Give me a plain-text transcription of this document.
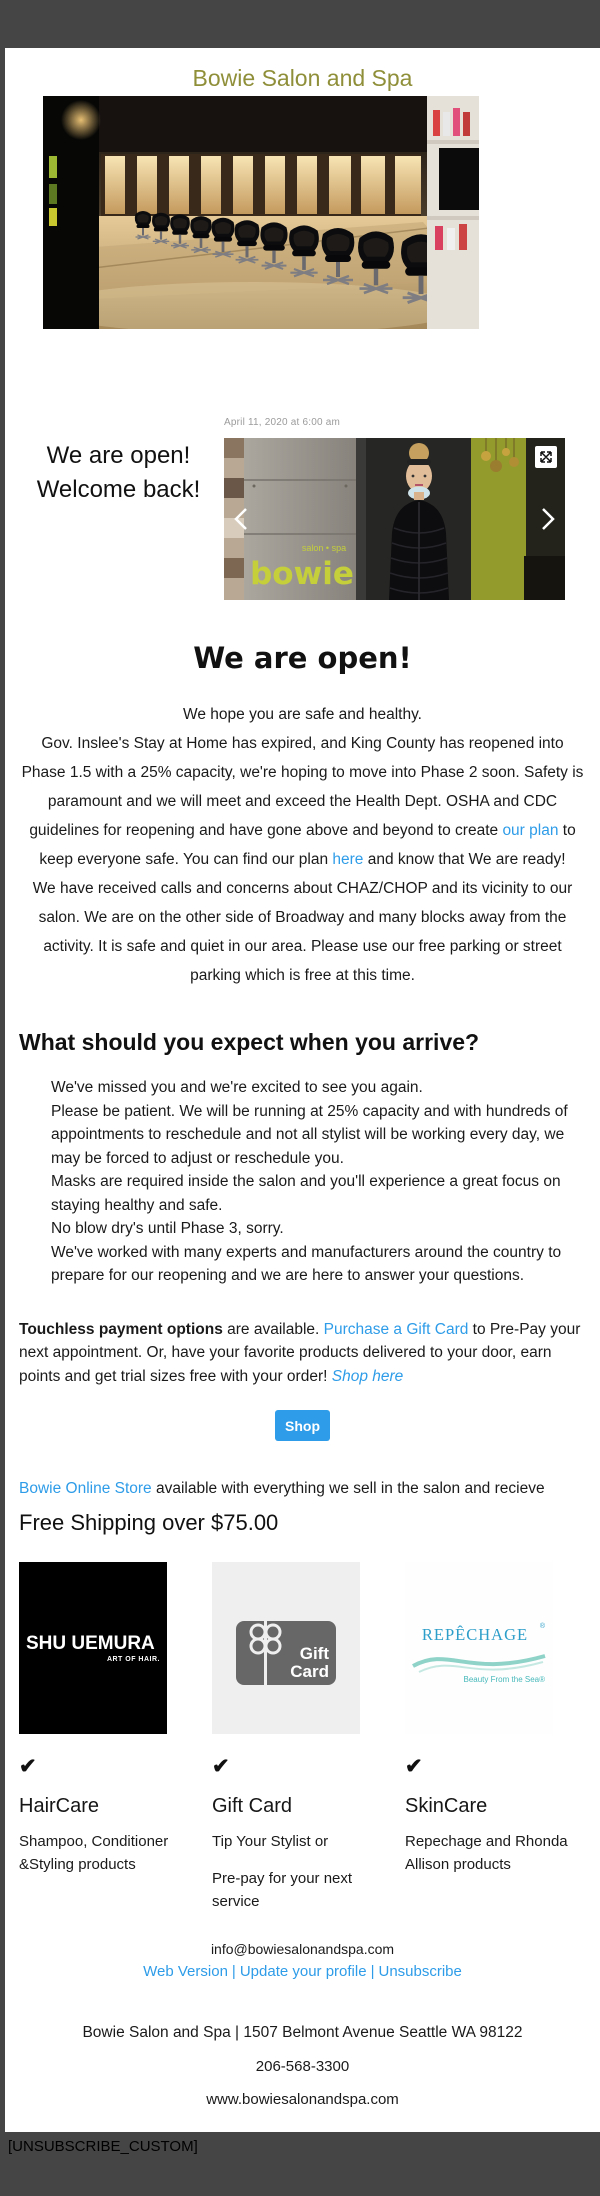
Bowie Salon and Spa
We are open!
Welcome back!
April 11, 2020 at 6:00 am
salon • spa
bowie
We are open!

We hope you are safe and healthy.
Gov. Inslee's Stay at Home has expired, and King County has reopened into Phase 1.5 with a 25% capacity, we're hoping to move into Phase 2 soon. Safety is paramount and we will meet and exceed the Health Dept. OSHA and CDC guidelines for reopening and have gone above and beyond to create our plan to keep everyone safe. You can find our plan here and know that We are ready!
We have received calls and concerns about CHAZ/CHOP and its vicinity to our salon. We are on the other side of Broadway and many blocks away from the activity. It is safe and quiet in our area. Please use our free parking or street parking which is free at this time.

What should you expect when you arrive?
We've missed you and we're excited to see you again.
Please be patient. We will be running at 25% capacity and with hundreds of appointments to reschedule and not all stylist will be working every day, we may be forced to adjust or reschedule you.
Masks are required inside the salon and you'll experience a great focus on staying healthy and safe.
No blow dry's until Phase 3, sorry.
We've worked with many experts and manufacturers around the country to prepare for our reopening and we are here to answer your questions.

Touchless payment options are available. Purchase a Gift Card to Pre-Pay your next appointment. Or, have your favorite products delivered to your door, earn points and get trial sizes free with your order! Shop here

Shop

Bowie Online Store available with everything we sell in the salon and recieve

Free Shipping over $75.00
SHU UEMURA
ART OF HAIR.
✔
HairCare

Shampoo, Conditioner &Styling products

Gift
Card
✔
Gift Card

Tip Your Stylist or

Pre-pay for your next service

REPÊCHAGE ®
Beauty From the Sea®
✔
SkinCare

Repechage and Rhonda Allison products

info@bowiesalonandspa.com
Web Version | Update your profile | Unsubscribe
Bowie Salon and Spa | 1507 Belmont Avenue Seattle WA 98122
206-568-3300
www.bowiesalonandspa.com
[UNSUBSCRIBE_CUSTOM]
